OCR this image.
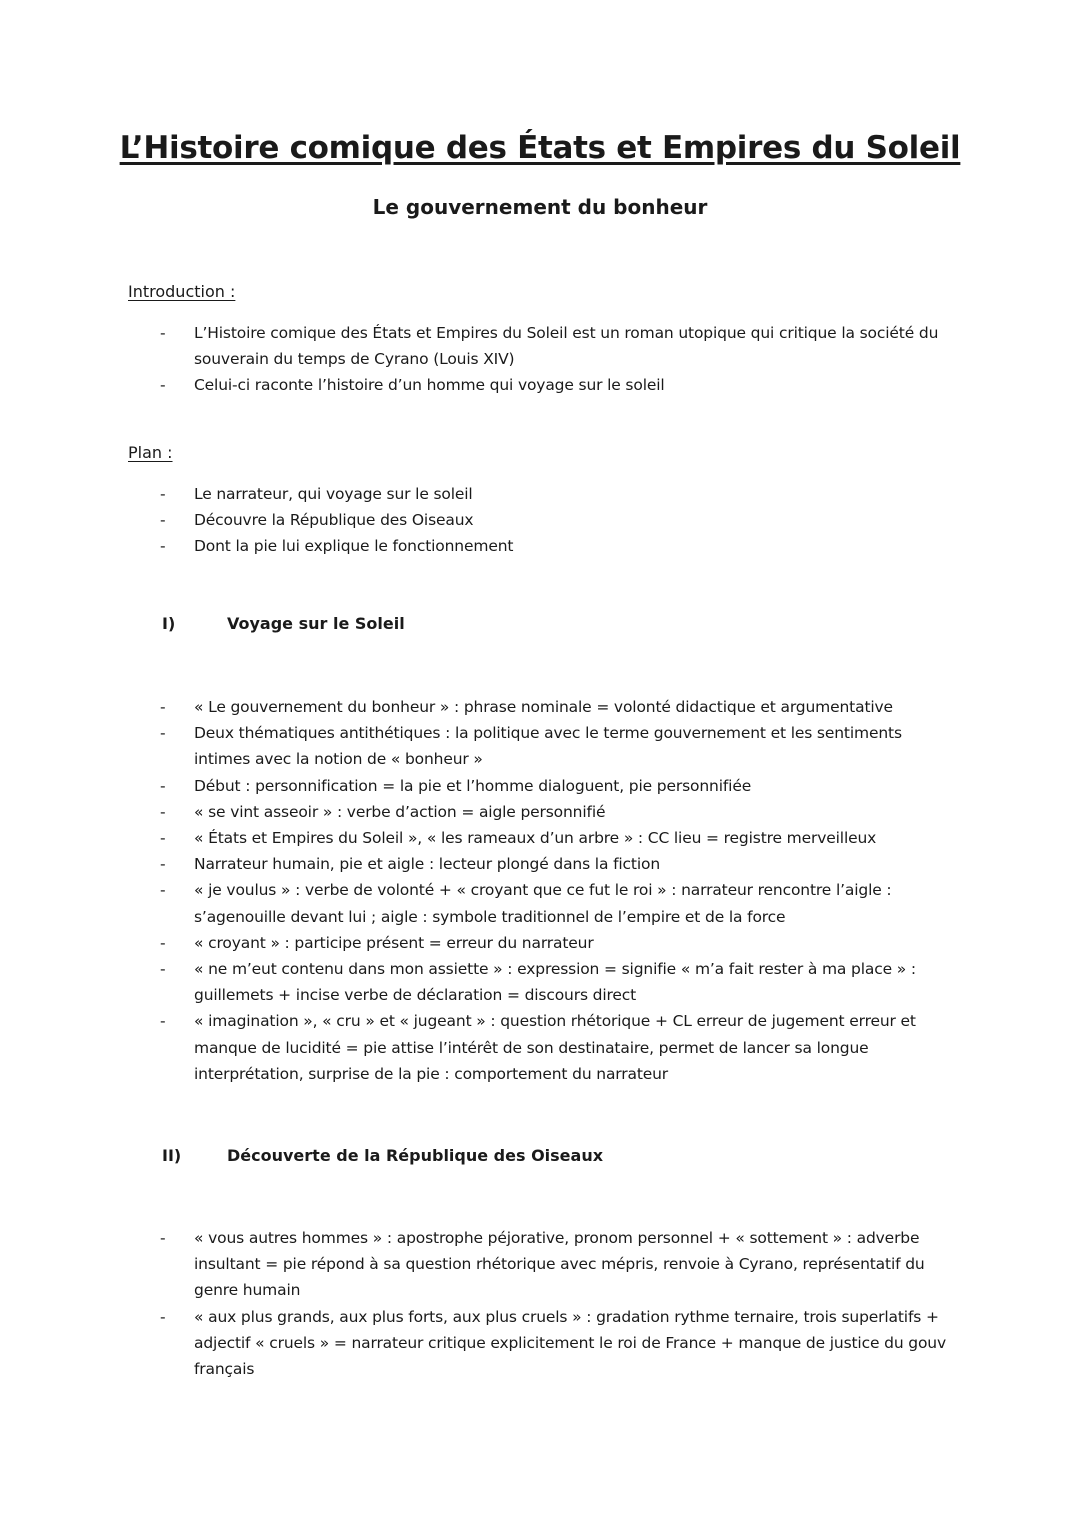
L’Histoire comique des États et Empires du Soleil
Le gouvernement du bonheur
Introduction :
- L’Histoire comique des États et Empires du Soleil est un roman utopique qui critique la société du souverain du temps de Cyrano (Louis XIV)
- Celui-ci raconte l’histoire d’un homme qui voyage sur le soleil
Plan :
- Le narrateur, qui voyage sur le soleil
- Découvre la République des Oiseaux
- Dont la pie lui explique le fonctionnement
I)	Voyage sur le Soleil
- « Le gouvernement du bonheur » : phrase nominale = volonté didactique et argumentative
- Deux thématiques antithétiques : la politique avec le terme gouvernement et les sentiments intimes avec la notion de « bonheur »
- Début : personnification = la pie et l’homme dialoguent, pie personnifiée
- « se vint asseoir » : verbe d’action = aigle personnifié
- « États et Empires du Soleil », « les rameaux d’un arbre » : CC lieu = registre merveilleux
- Narrateur humain, pie et aigle : lecteur plongé dans la fiction
- « je voulus » : verbe de volonté + « croyant que ce fut le roi » : narrateur rencontre l’aigle : s’agenouille devant lui ; aigle : symbole traditionnel de l’empire et de la force
- « croyant » : participe présent = erreur du narrateur
- « ne m’eut contenu dans mon assiette » : expression = signifie « m’a fait rester à ma place » : guillemets + incise verbe de déclaration = discours direct
- « imagination », « cru » et « jugeant » : question rhétorique + CL erreur de jugement erreur et manque de lucidité = pie attise l’intérêt de son destinataire, permet de lancer sa longue interprétation, surprise de la pie : comportement du narrateur
II)	Découverte de la République des Oiseaux
- « vous autres hommes » : apostrophe péjorative, pronom personnel + « sottement » : adverbe insultant = pie répond à sa question rhétorique avec mépris, renvoie à Cyrano, représentatif du genre humain
- « aux plus grands, aux plus forts, aux plus cruels » : gradation rythme ternaire, trois superlatifs + adjectif « cruels » = narrateur critique explicitement le roi de France + manque de justice du gouv français
